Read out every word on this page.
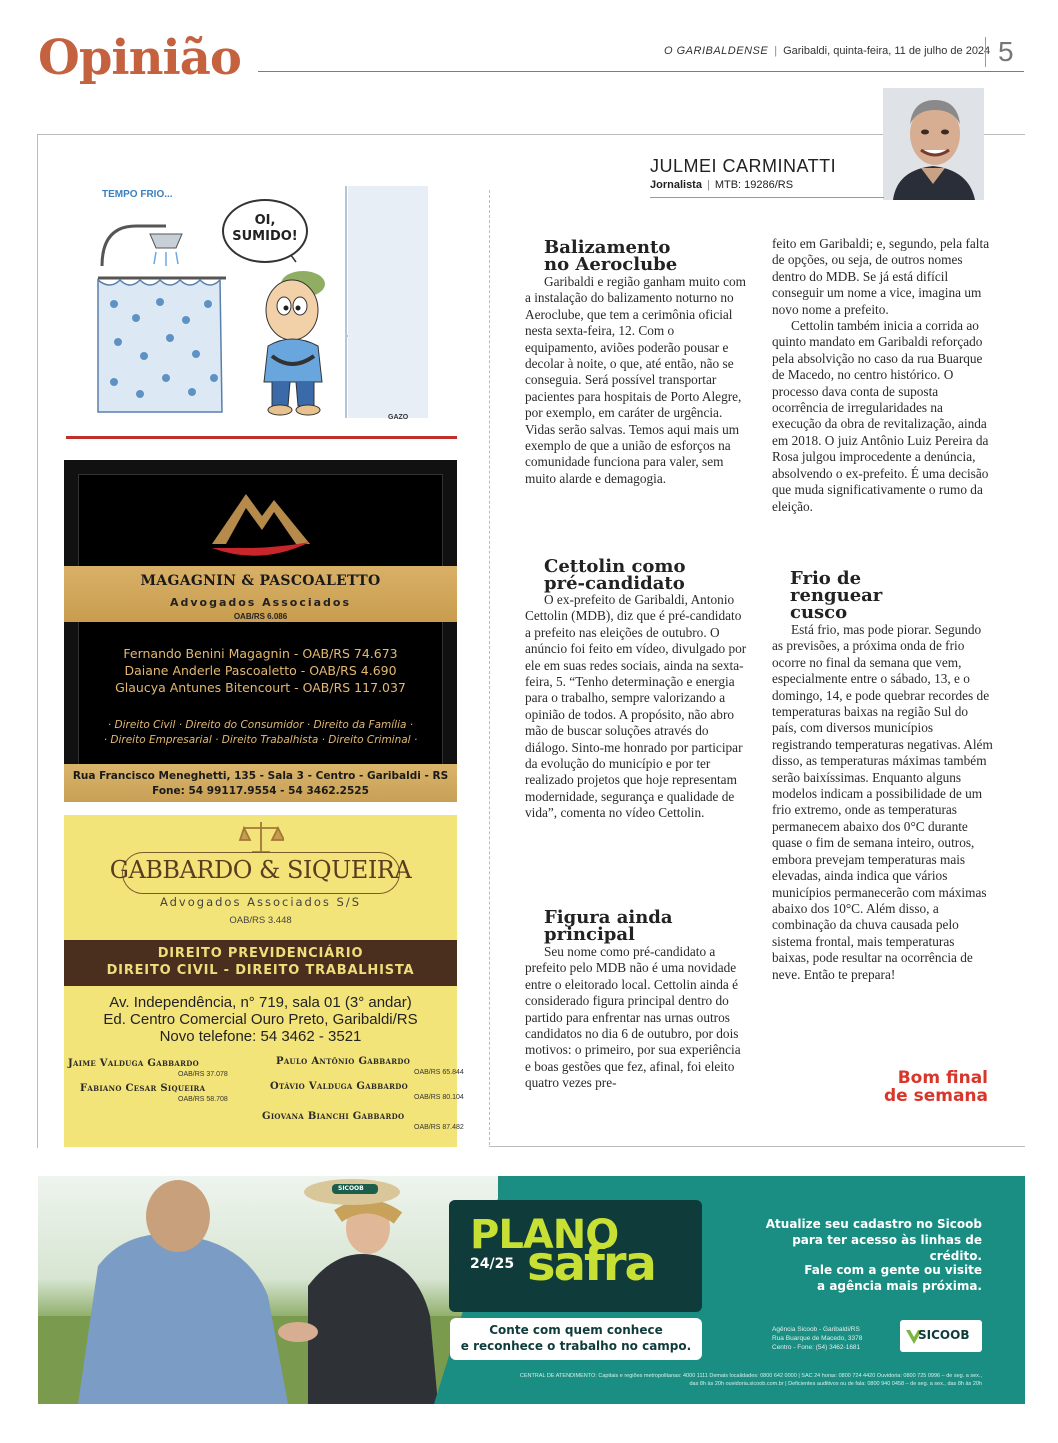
Opinião	O GARIBALDENSE | Garibaldi, quinta-feira, 11 de julho de 2024 5
JULMEI CARMINATTI
Jornalista | MTB: 19286/RS
TEMPO FRIO...
OI,
SUMIDO!
GAZO
MAGAGNIN & PASCOALETTO
Advogados Associados
OAB/RS 6.086
Fernando Benini Magagnin - OAB/RS 74.673
Daiane Anderle Pascoaletto - OAB/RS 4.690
Glaucya Antunes Bitencourt - OAB/RS 117.037
· Direito Civil · Direito do Consumidor · Direito da Família ·
· Direito Empresarial · Direito Trabalhista · Direito Criminal ·
Rua Francisco Meneghetti, 135 - Sala 3 - Centro - Garibaldi - RS
Fone: 54 99117.9554 - 54 3462.2525
GABBARDO & SIQUEIRA
Advogados Associados S/S
OAB/RS 3.448
DIREITO PREVIDENCIÁRIO
DIREITO CIVIL - DIREITO TRABALHISTA
Av. Independência, n° 719, sala 01 (3° andar)
Ed. Centro Comercial Ouro Preto, Garibaldi/RS
Novo telefone: 54 3462 - 3521
Jaime Valduga Gabbardo
OAB/RS 37.078
Fabiano Cesar Siqueira
OAB/RS 58.708
Paulo Antônio Gabbardo
OAB/RS 65.844
Otávio Valduga Gabbardo
OAB/RS 80.104
Giovana Bianchi Gabbardo
OAB/RS 87.482
Balizamento
no Aeroclube

Garibaldi e região ganham muito com a instalação do balizamento noturno no Aeroclube, que tem a cerimônia oficial nesta sexta-feira, 12. Com o equipamento, aviões poderão pousar e decolar à noite, o que, até então, não se conseguia. Será possível transportar pacientes para hospitais de Porto Alegre, por exemplo, em caráter de urgência. Vidas serão salvas. Temos aqui mais um exemplo de que a união de esforços na comunidade funciona para valer, sem muito alarde e demagogia.

Cettolin como
pré-candidato

O ex-prefeito de Garibaldi, Antonio Cettolin (MDB), diz que é pré-candidato a prefeito nas eleições de outubro. O anúncio foi feito em vídeo, divulgado por ele em suas redes sociais, ainda na sexta-feira, 5. “Tenho determinação e energia para o trabalho, sempre valorizando a opinião de todos. A propósito, não abro mão de buscar soluções através do diálogo. Sinto-me honrado por participar da evolução do município e por ter realizado projetos que hoje representam modernidade, segurança e qualidade de vida”, comenta no vídeo Cettolin.

Figura ainda
principal

Seu nome como pré-candidato a prefeito pelo MDB não é uma novidade entre o eleitorado local. Cettolin ainda é considerado figura principal dentro do partido para enfrentar nas urnas outros candidatos no dia 6 de outubro, por dois motivos: o primeiro, por sua experiência e boas gestões que fez, afinal, foi eleito quatro vezes pre-

feito em Garibaldi; e, segundo, pela falta de opções, ou seja, de outros nomes dentro do MDB. Se já está difícil conseguir um nome a vice, imagina um novo nome a prefeito.

Cettolin também inicia a corrida ao quinto mandato em Garibaldi reforçado pela absolvição no caso da rua Buarque de Macedo, no centro histórico. O processo dava conta de suposta ocorrência de irregularidades na execução da obra de revitalização, ainda em 2018. O juiz Antônio Luiz Pereira da Rosa julgou improcedente a denúncia, absolvendo o ex-prefeito. É uma decisão que muda significativamente o rumo da eleição.

Frio de
renguear
cusco

Está frio, mas pode piorar. Segundo as previsões, a próxima onda de frio ocorre no final da semana que vem, especialmente entre o sábado, 13, e o domingo, 14, e pode quebrar recordes de temperaturas baixas na região Sul do país, com diversos municípios registrando temperaturas negativas. Além disso, as temperaturas máximas também serão baixíssimas. Enquanto alguns modelos indicam a possibilidade de um frio extremo, onde as temperaturas permanecem abaixo dos 0°C durante quase o fim de semana inteiro, outros, embora prevejam temperaturas mais elevadas, ainda indica que vários municípios permanecerão com máximas abaixo dos 10°C. Além disso, a combinação da chuva causada pelo sistema frontal, mais temperaturas baixas, pode resultar na ocorrência de neve. Então te prepara!

Bom final
de semana
SICOOB
PLANO
24/25 safra
Conte com quem conhece
e reconhece o trabalho no campo.
Atualize seu cadastro no Sicoob
para ter acesso às linhas de crédito.
Fale com a gente ou visite
a agência mais próxima.
Agência Sicoob - Garibaldi/RS
Rua Buarque de Macedo, 3378
Centro - Fone: (54) 3462-1681
SICOOB
CENTRAL DE ATENDIMENTO: Capitais e regiões metropolitanas: 4000 1111 Demais localidades: 0800 642 0000 | SAC 24 horas: 0800 724 4420 Ouvidoria: 0800 725 0996 – de seg. a sex.,
das 8h às 20h ouvidoria.sicoob.com.br | Deficientes auditivos ou de fala: 0800 940 0458 – de seg. a sex., das 8h às 20h
